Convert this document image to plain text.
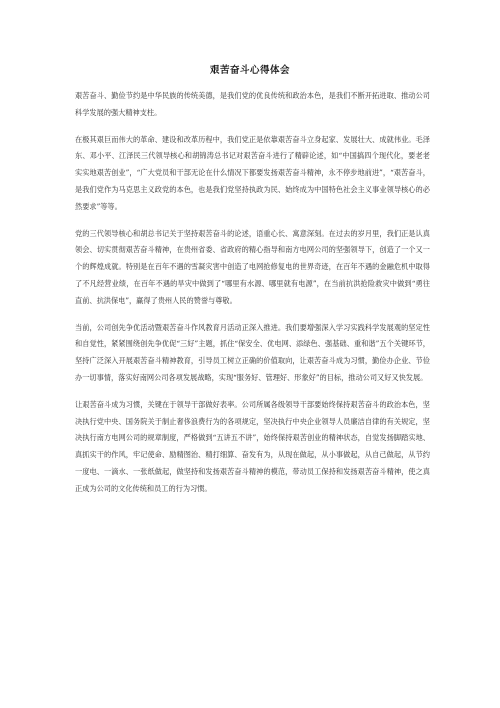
艰苦奋斗心得体会

艰苦奋斗、勤俭节约是中华民族的传统美德，是我们党的优良传统和政治本色，是我们不断开拓进取、推动公司科学发展的强大精神支柱。

在极其艰巨而伟大的革命、建设和改革历程中，我们党正是依靠艰苦奋斗立身起家、发展壮大、成就伟业。毛泽东、邓小平、江泽民三代领导核心和胡锦涛总书记对艰苦奋斗进行了精辟论述，如“中国搞四个现代化，要老老实实地艰苦创业”，“广大党员和干部无论在什么情况下都要发扬艰苦奋斗精神，永不停步地前进”，“艰苦奋斗，是我们党作为马克思主义政党的本色，也是我们党坚持执政为民、始终成为中国特色社会主义事业领导核心的必然要求”等等。

党的三代领导核心和胡总书记关于坚持艰苦奋斗的论述，语重心长、寓意深刻。在过去的岁月里，我们正是认真领会、切实贯彻艰苦奋斗精神，在贵州省委、省政府的精心指导和南方电网公司的坚强领导下，创造了一个又一个的辉煌成就。特别是在百年不遇的雪凝灾害中创造了电网抢修复电的世界奇迹，在百年不遇的金融危机中取得了不凡经营业绩，在百年不遇的旱灾中做到了“哪里有水源、哪里就有电源”，在当前抗洪抢险救灾中做到“勇往直前、抗洪保电”，赢得了贵州人民的赞誉与尊敬。

当前，公司创先争优活动暨艰苦奋斗作风教育月活动正深入推进。我们要增强深入学习实践科学发展观的坚定性和自觉性，紧紧围绕创先争优促“三好”主题，抓住“保安全、优电网、添绿色、强基础、重和谐”五个关键环节，坚持广泛深入开展艰苦奋斗精神教育，引导员工树立正确的价值取向，让艰苦奋斗成为习惯，勤俭办企业、节俭办一切事情，落实好南网公司各项发展战略，实现“服务好、管理好、形象好”的目标，推动公司又好又快发展。

让艰苦奋斗成为习惯，关键在于领导干部做好表率。公司所属各级领导干部要始终保持艰苦奋斗的政治本色，坚决执行党中央、国务院关于制止奢侈浪费行为的各项规定，坚决执行中央企业领导人员廉洁自律的有关规定，坚决执行南方电网公司的规章制度，严格做到“五讲五不讲”，始终保持艰苦创业的精神状态，自觉发扬脚踏实地、真抓实干的作风，牢记使命、励精图治、精打细算、奋发有为，从现在做起，从小事做起，从自己做起，从节约一度电、一滴水、一张纸做起，做坚持和发扬艰苦奋斗精神的模范，带动员工保持和发扬艰苦奋斗精神，使之真正成为公司的文化传统和员工的行为习惯。
